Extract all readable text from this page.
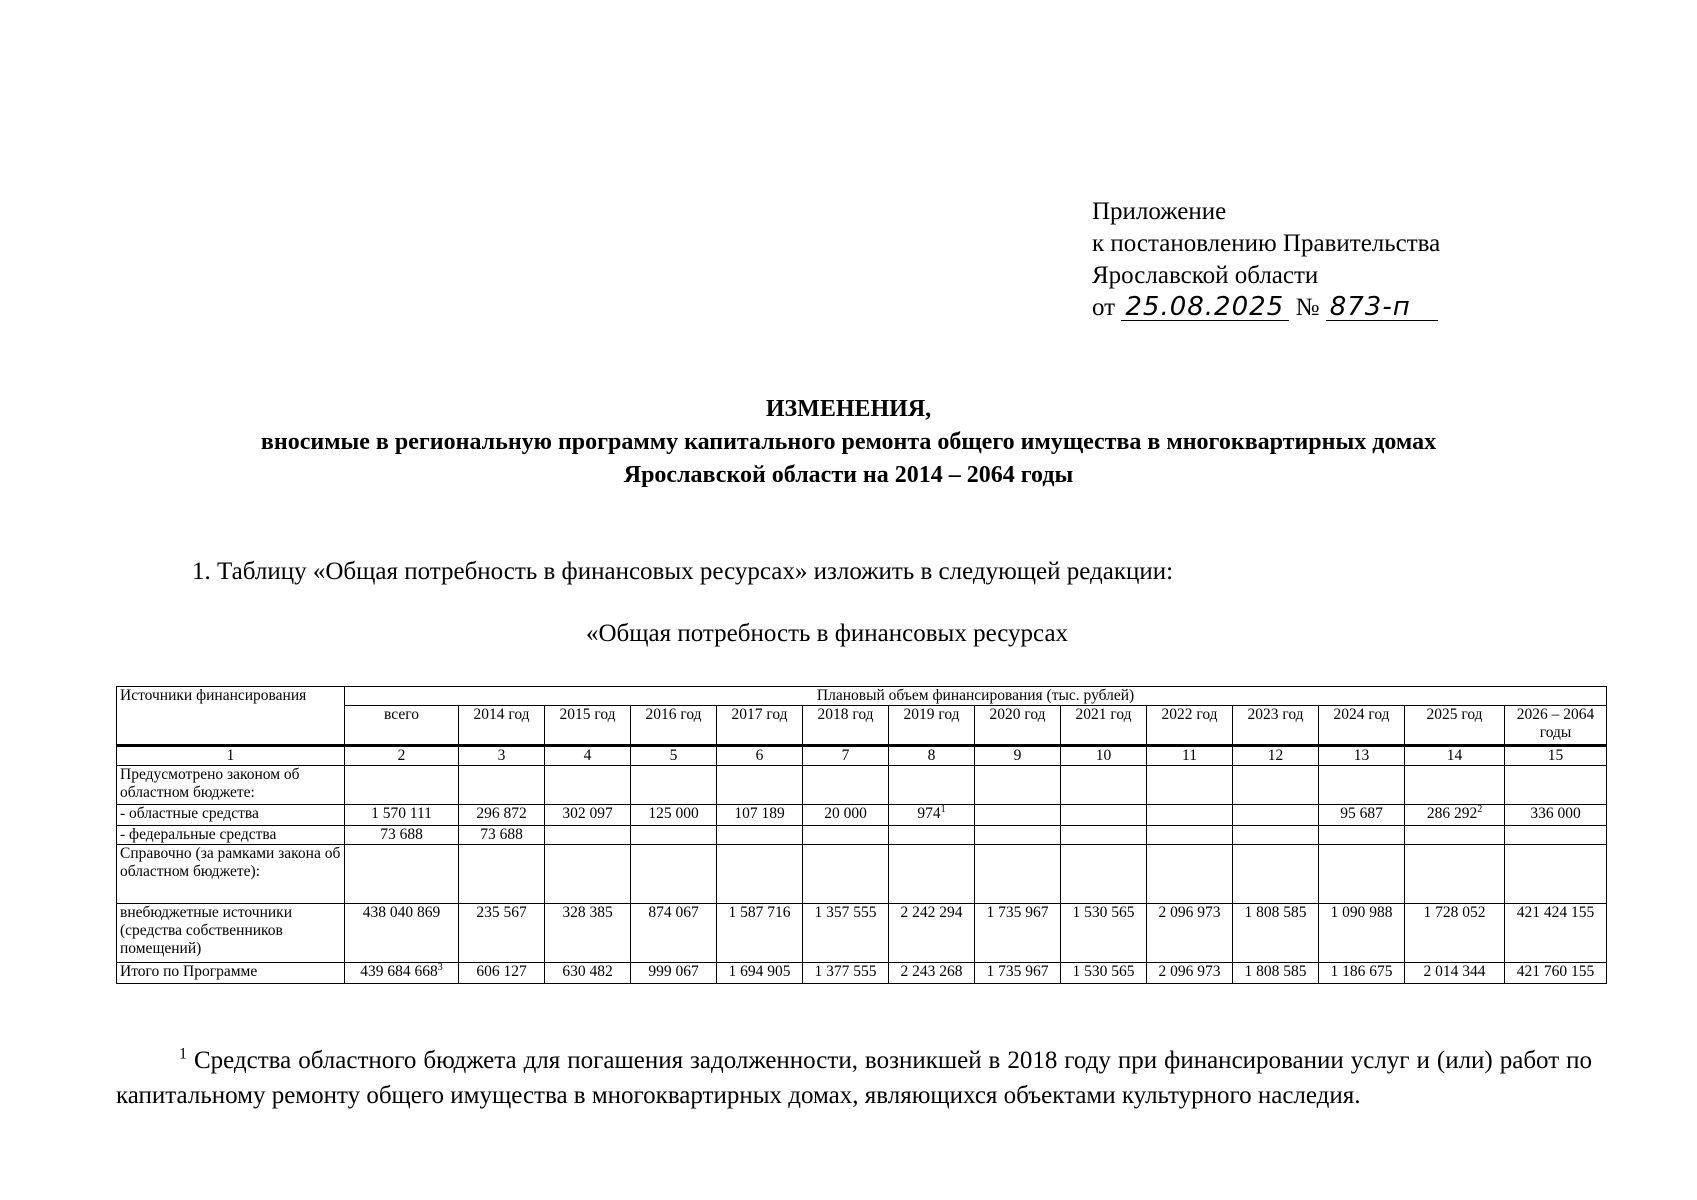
Приложение
к постановлению Правительства
Ярославской области
от 25.08.2025 № 873-п
ИЗМЕНЕНИЯ,
вносимые в региональную программу капитального ремонта общего имущества в многоквартирных домах
Ярославской области на 2014 – 2064 годы
1. Таблицу «Общая потребность в финансовых ресурсах» изложить в следующей редакции:
«Общая потребность в финансовых ресурсах
Источники финансирования	Плановый объем финансирования (тыс. рублей)													
	всего	2014 год	2015 год	2016 год	2017 год	2018 год	2019 год	2020 год	2021 год	2022 год	2023 год	2024 год	2025 год	2026 – 2064 годы
1	2	3	4	5	6	7	8	9	10	11	12	13	14	15
Предусмотрено законом об областном бюджете:														
- областные средства	1 570 111	296 872	302 097	125 000	107 189	20 000	$974^1$					95 687	286 $292^2$	336 000
- федеральные средства	73 688	73 688												
Справочно (за рамками закона об областном бюджете):														
внебюджетные источники (средства собственников помещений)	438 040 869	235 567	328 385	874 067	1 587 716	1 357 555	2 242 294	1 735 967	1 530 565	2 096 973	1 808 585	1 090 988	1 728 052	421 424 155
Итого по Программе	439 684 $668^3$	606 127	630 482	999 067	1 694 905	1 377 555	2 243 268	1 735 967	1 530 565	2 096 973	1 808 585	1 186 675	2 014 344	421 760 155
$^1$ Средства областного бюджета для погашения задолженности, возникшей в 2018 году при финансировании услуг и (или) работ по капитальному ремонту общего имущества в многоквартирных домах, являющихся объектами культурного наследия.
